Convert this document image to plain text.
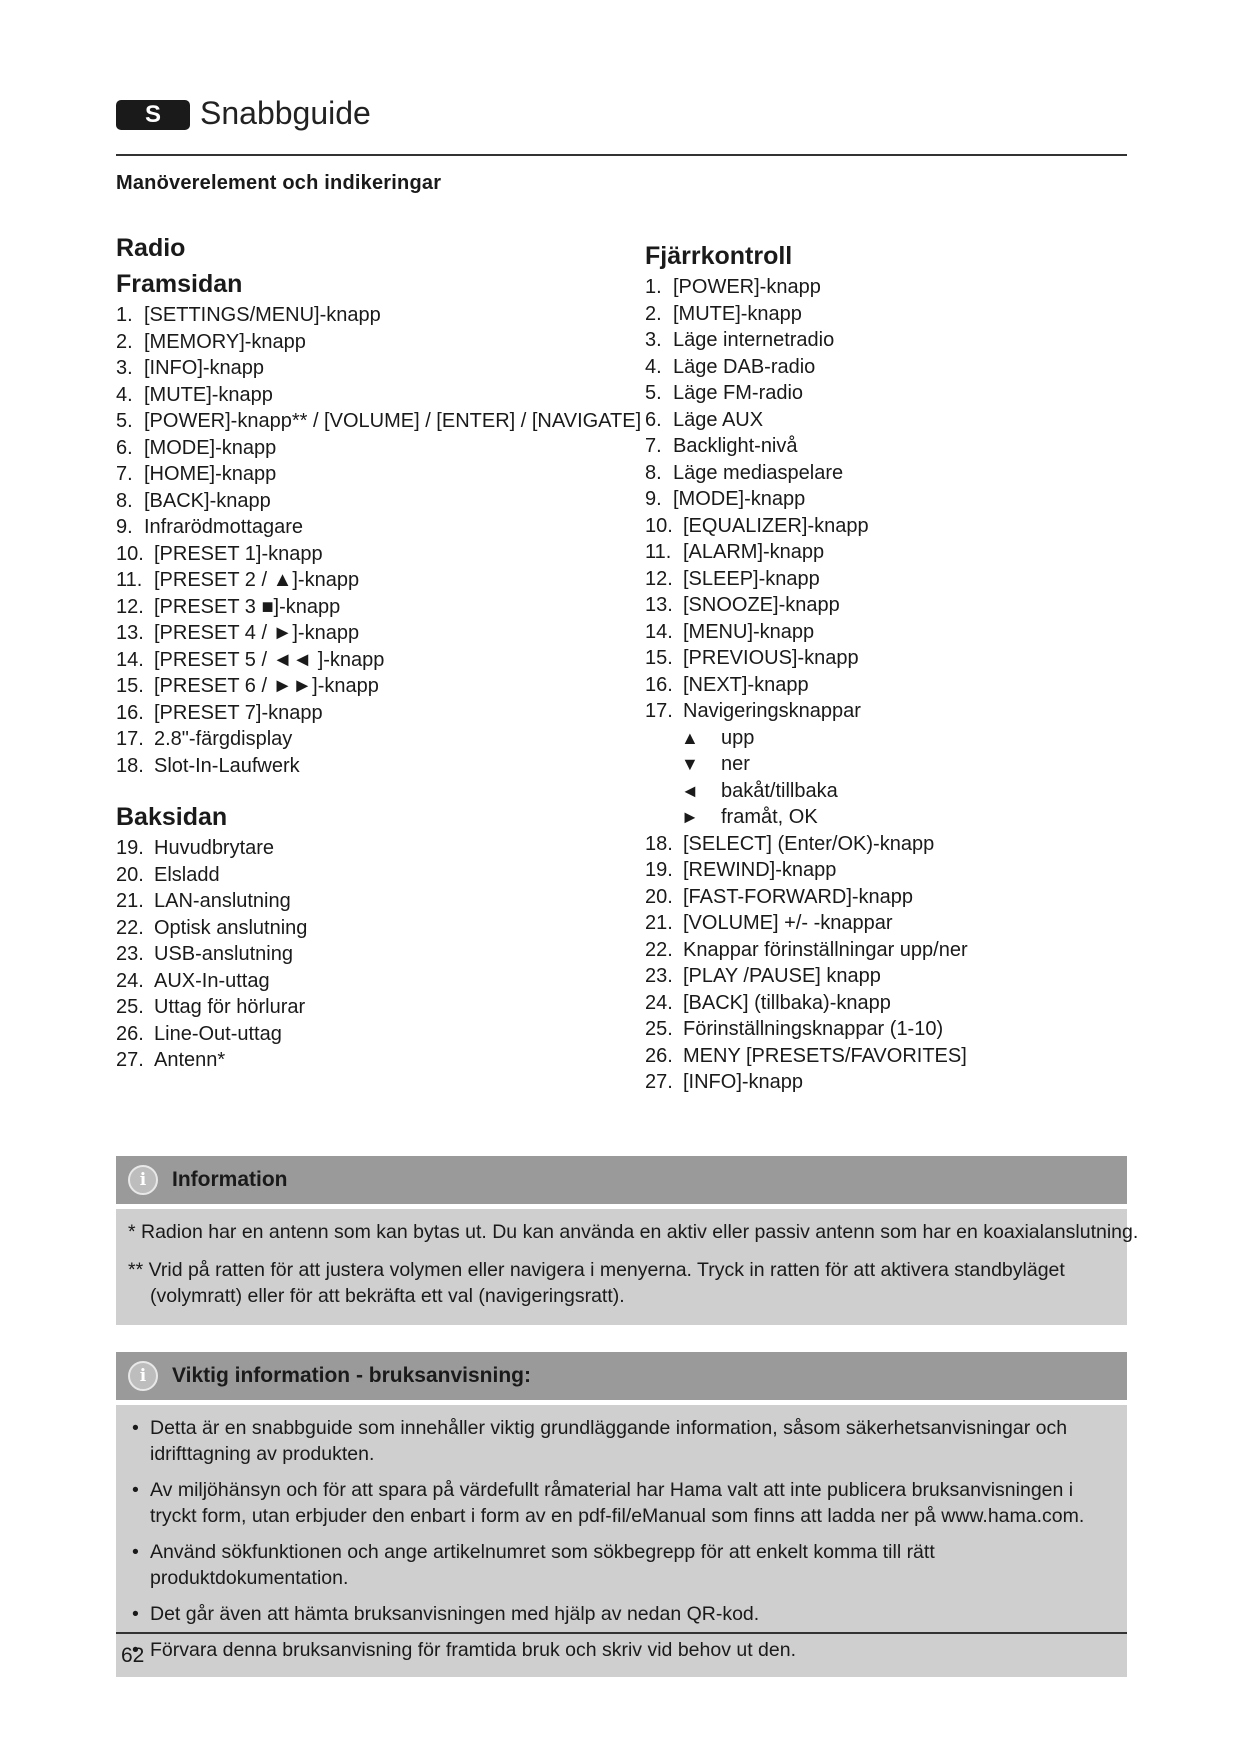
S	Snabbguide
Manöverelement och indikeringar
Radio
Framsidan
1. [SETTINGS/MENU]-knapp
2. [MEMORY]-knapp
3. [INFO]-knapp
4. [MUTE]-knapp
5. [POWER]-knapp** / [VOLUME] / [ENTER] / [NAVIGATE]
6. [MODE]-knapp
7. [HOME]-knapp
8. [BACK]-knapp
9. Infrarödmottagare
10. [PRESET 1]-knapp
11. [PRESET 2 / ▲]-knapp
12. [PRESET 3 ■]-knapp
13. [PRESET 4 / ►]-knapp
14. [PRESET 5 / ◄◄ ]-knapp
15. [PRESET 6 / ►►]-knapp
16. [PRESET 7]-knapp
17. 2.8"-färgdisplay
18. Slot-In-Laufwerk
Baksidan
19. Huvudbrytare
20. Elsladd
21. LAN-anslutning
22. Optisk anslutning
23. USB-anslutning
24. AUX-In-uttag
25. Uttag för hörlurar
26. Line-Out-uttag
27. Antenn*
Fjärrkontroll
1. [POWER]-knapp
2. [MUTE]-knapp
3. Läge internetradio
4. Läge DAB-radio
5. Läge FM-radio
6. Läge AUX
7. Backlight-nivå
8. Läge mediaspelare
9. [MODE]-knapp
10. [EQUALIZER]-knapp
11. [ALARM]-knapp
12. [SLEEP]-knapp
13. [SNOOZE]-knapp
14. [MENU]-knapp
15. [PREVIOUS]-knapp
16. [NEXT]-knapp
17. Navigeringsknappar
▲	upp
▼	ner
◄	bakåt/tillbaka
►	framåt, OK
18. [SELECT] (Enter/OK)-knapp
19. [REWIND]-knapp
20. [FAST-FORWARD]-knapp
21. [VOLUME] +/- -knappar
22. Knappar förinställningar upp/ner
23. [PLAY /PAUSE] knapp
24. [BACK] (tillbaka)-knapp
25. Förinställningsknappar (1-10)
26. MENY [PRESETS/FAVORITES]
27. [INFO]-knapp
i	Information
* Radion har en antenn som kan bytas ut. Du kan använda en aktiv eller passiv antenn som har en koaxialanslutning.
** Vrid på ratten för att justera volymen eller navigera i menyerna. Tryck in ratten för att aktivera standbyläget
(volymratt) eller för att bekräfta ett val (navigeringsratt).
i	Viktig information - bruksanvisning:
• Detta är en snabbguide som innehåller viktig grundläggande information, såsom säkerhetsanvisningar och idrifttagning av produkten.
• Av miljöhänsyn och för att spara på värdefullt råmaterial har Hama valt att inte publicera bruksanvisningen i tryckt form, utan erbjuder den enbart i form av en pdf-fil/eManual som finns att ladda ner på www.hama.com.
• Använd sökfunktionen och ange artikelnumret som sökbegrepp för att enkelt komma till rätt produktdokumentation.
• Det går även att hämta bruksanvisningen med hjälp av nedan QR-kod.
• Förvara denna bruksanvisning för framtida bruk och skriv vid behov ut den.
62
